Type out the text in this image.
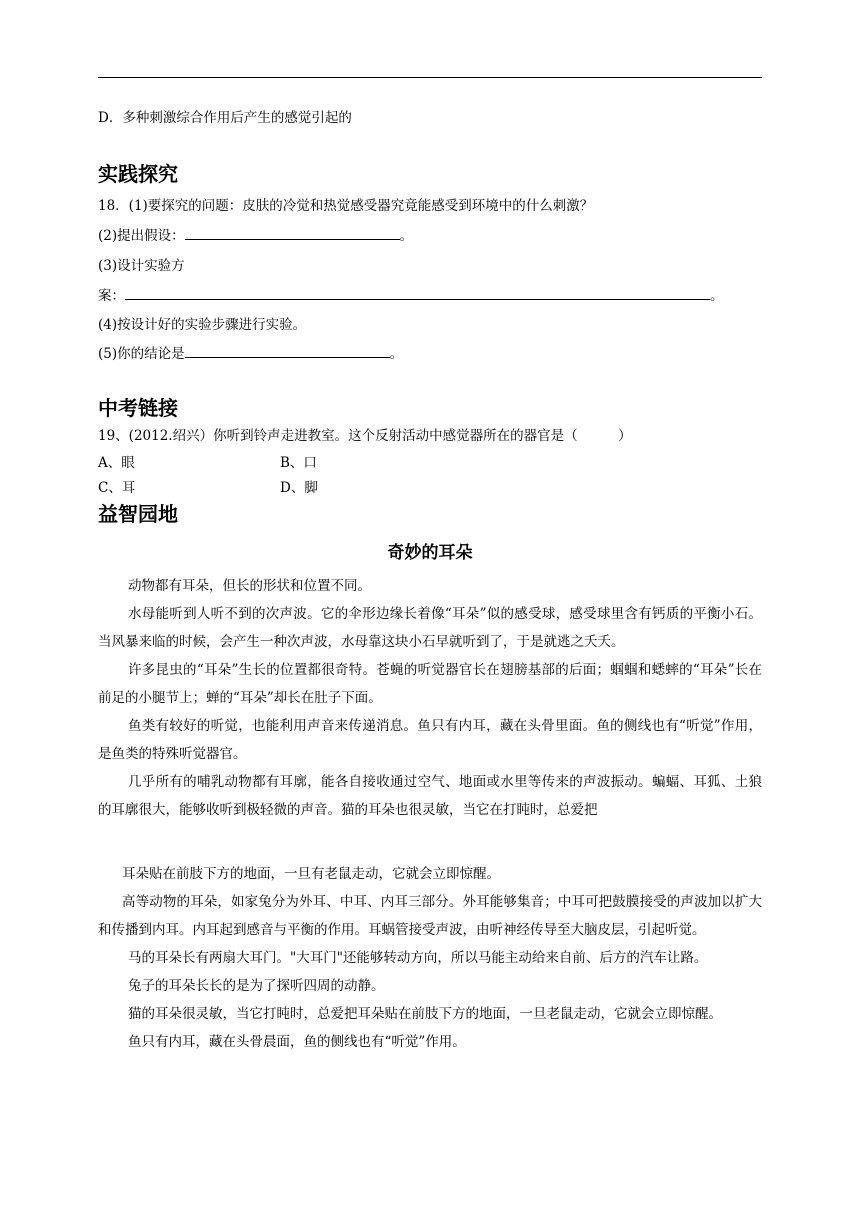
D．多种刺激综合作用后产生的感觉引起的
实践探究
18．(1)要探究的问题：皮肤的冷觉和热觉感受器究竟能感受到环境中的什么刺激？
(2)提出假设：	。
(3)设计实验方
案：	。
(4)按设计好的实验步骤进行实验。
(5)你的结论是	。
中考链接
19、(2012.绍兴）你听到铃声走进教室。这个反射活动中感觉器所在的器官是（　　　）
A、眼	B、口
C、耳	D、脚
益智园地
奇妙的耳朵

动物都有耳朵，但长的形状和位置不同。

水母能听到人听不到的次声波。它的伞形边缘长着像“耳朵”似的感受球，感受球里含有钙质的平衡小石。当风暴来临的时候，会产生一种次声波，水母靠这块小石早就听到了，于是就逃之夭夭。

许多昆虫的“耳朵”生长的位置都很奇特。苍蝇的听觉器官长在翅膀基部的后面；蝈蝈和蟋蟀的“耳朵”长在前足的小腿节上；蝉的“耳朵”却长在肚子下面。

鱼类有较好的听觉，也能利用声音来传递消息。鱼只有内耳，藏在头骨里面。鱼的侧线也有“听觉”作用，是鱼类的特殊听觉器官。

几乎所有的哺乳动物都有耳廓，能各自接收通过空气、地面或水里等传来的声波振动。蝙蝠、耳狐、土狼的耳廓很大，能够收听到极轻微的声音。猫的耳朵也很灵敏，当它在打盹时，总爱把

耳朵贴在前肢下方的地面，一旦有老鼠走动，它就会立即惊醒。

高等动物的耳朵，如家兔分为外耳、中耳、内耳三部分。外耳能够集音；中耳可把鼓膜接受的声波加以扩大和传播到内耳。内耳起到感音与平衡的作用。耳蜗管接受声波，由听神经传导至大脑皮层，引起听觉。

马的耳朵长有两扇大耳门。"大耳门"还能够转动方向，所以马能主动给来自前、后方的汽车让路。

兔子的耳朵长长的是为了探听四周的动静。

猫的耳朵很灵敏，当它打盹时，总爱把耳朵贴在前肢下方的地面，一旦老鼠走动，它就会立即惊醒。

鱼只有内耳，藏在头骨晨面，鱼的侧线也有“听觉”作用。
